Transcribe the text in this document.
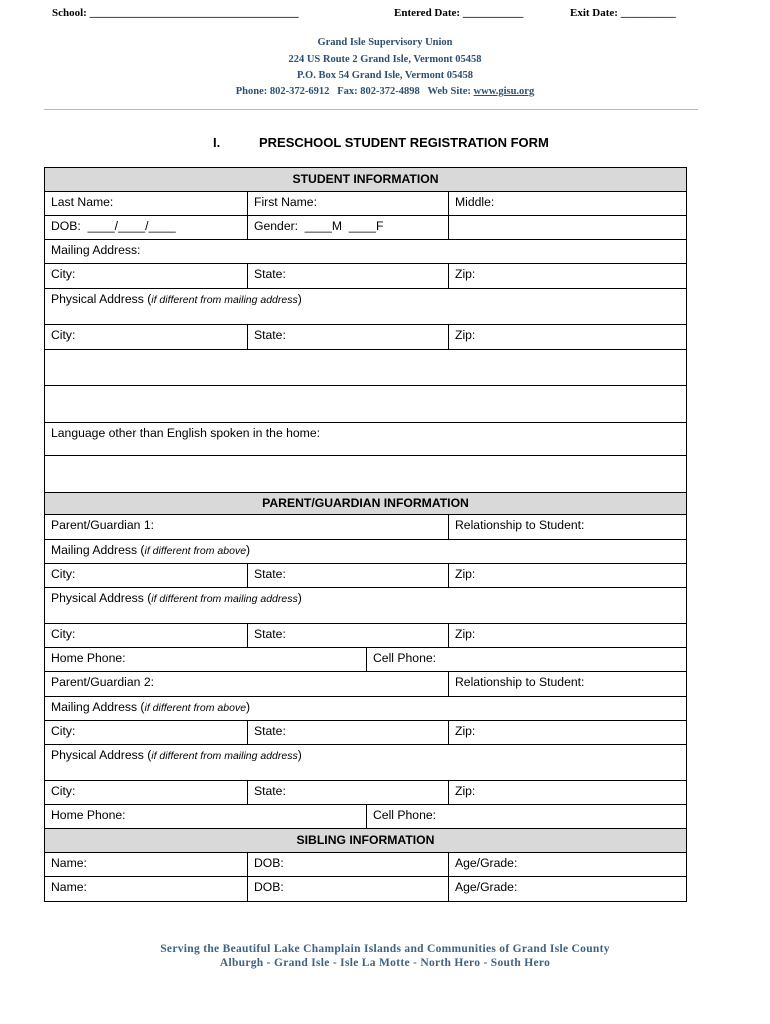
School: ______________________________________	Entered Date: ___________	Exit Date: __________
Grand Isle Supervisory Union
224 US Route 2 Grand Isle, Vermont 05458
P.O. Box 54 Grand Isle, Vermont 05458
Phone: 802-372-6912   Fax: 802-372-4898   Web Site: www.gisu.org
I.	PRESCHOOL STUDENT REGISTRATION FORM
STUDENT INFORMATION
Last Name:	First Name:	Middle:
DOB:  ____/____/____	Gender:  ____M  ____F
Mailing Address:
City:	State:	Zip:
Physical Address (if different from mailing address)
City:	State:	Zip:

Language other than English spoken in the home:

PARENT/GUARDIAN INFORMATION
Parent/Guardian 1:	Relationship to Student:
Mailing Address (if different from above)
City:	State:	Zip:
Physical Address (if different from mailing address)
City:	State:	Zip:
Home Phone:	Cell Phone:
Parent/Guardian 2:	Relationship to Student:
Mailing Address (if different from above)
City:	State:	Zip:
Physical Address (if different from mailing address)
City:	State:	Zip:
Home Phone:	Cell Phone:
SIBLING INFORMATION
Name:	DOB:	Age/Grade:
Name:	DOB:	Age/Grade:
Serving the Beautiful Lake Champlain Islands and Communities of Grand Isle County
Alburgh - Grand Isle - Isle La Motte - North Hero - South Hero
